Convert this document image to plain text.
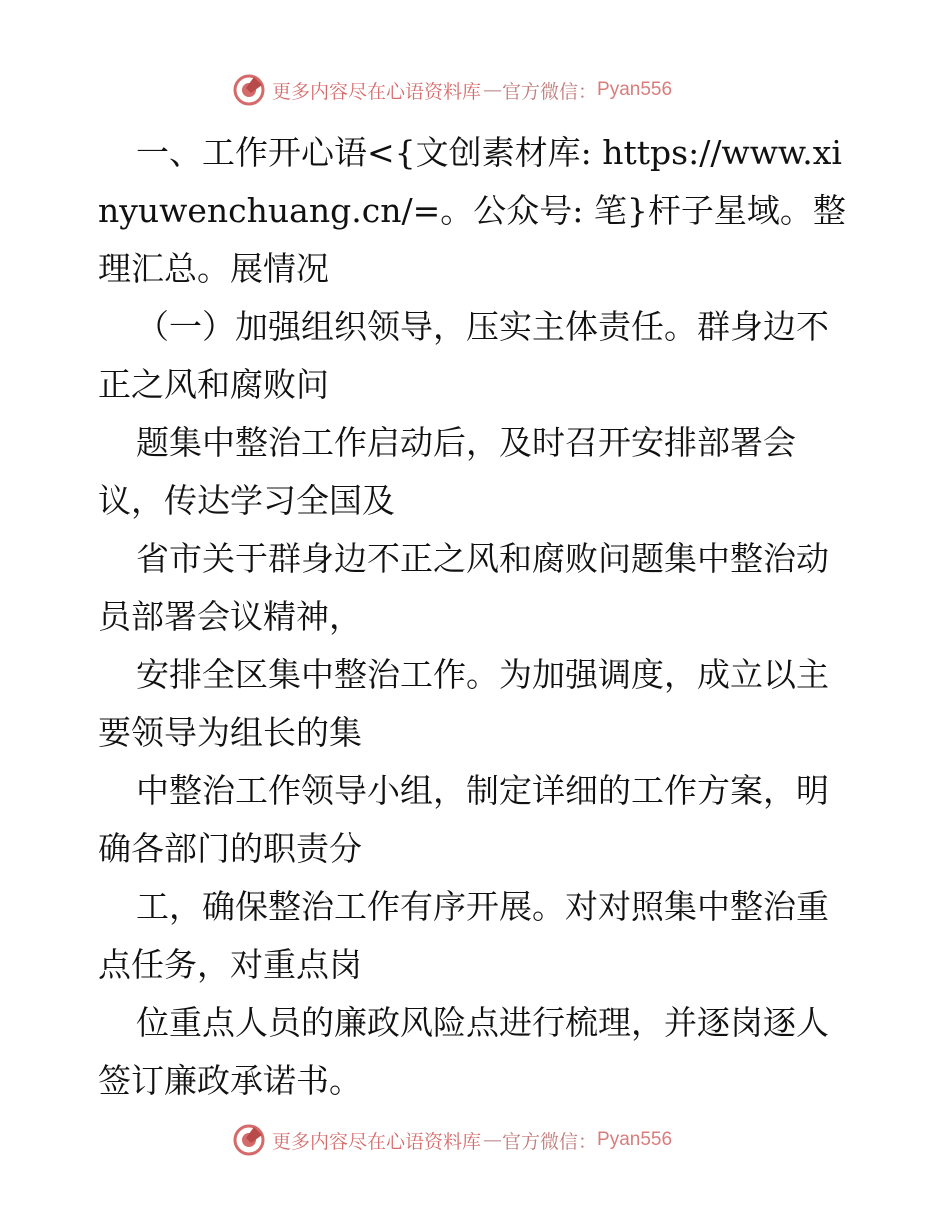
更多内容尽在心语资料库 — 官方微信： Pyan556

一、工作开心语<{文创素材库: https://www.xinyuwenchuang.cn/=。公众号: 笔}杆子星域。整理汇总。展情况

（一）加强组织领导，压实主体责任。群身边不正之风和腐败问

题集中整治工作启动后，及时召开安排部署会议，传达学习全国及

省市关于群身边不正之风和腐败问题集中整治动员部署会议精神，

安排全区集中整治工作。为加强调度，成立以主要领导为组长的集

中整治工作领导小组，制定详细的工作方案，明确各部门的职责分

工，确保整治工作有序开展。对对照集中整治重点任务，对重点岗

位重点人员的廉政风险点进行梳理，并逐岗逐人签订廉政承诺书。

更多内容尽在心语资料库 — 官方微信： Pyan556
